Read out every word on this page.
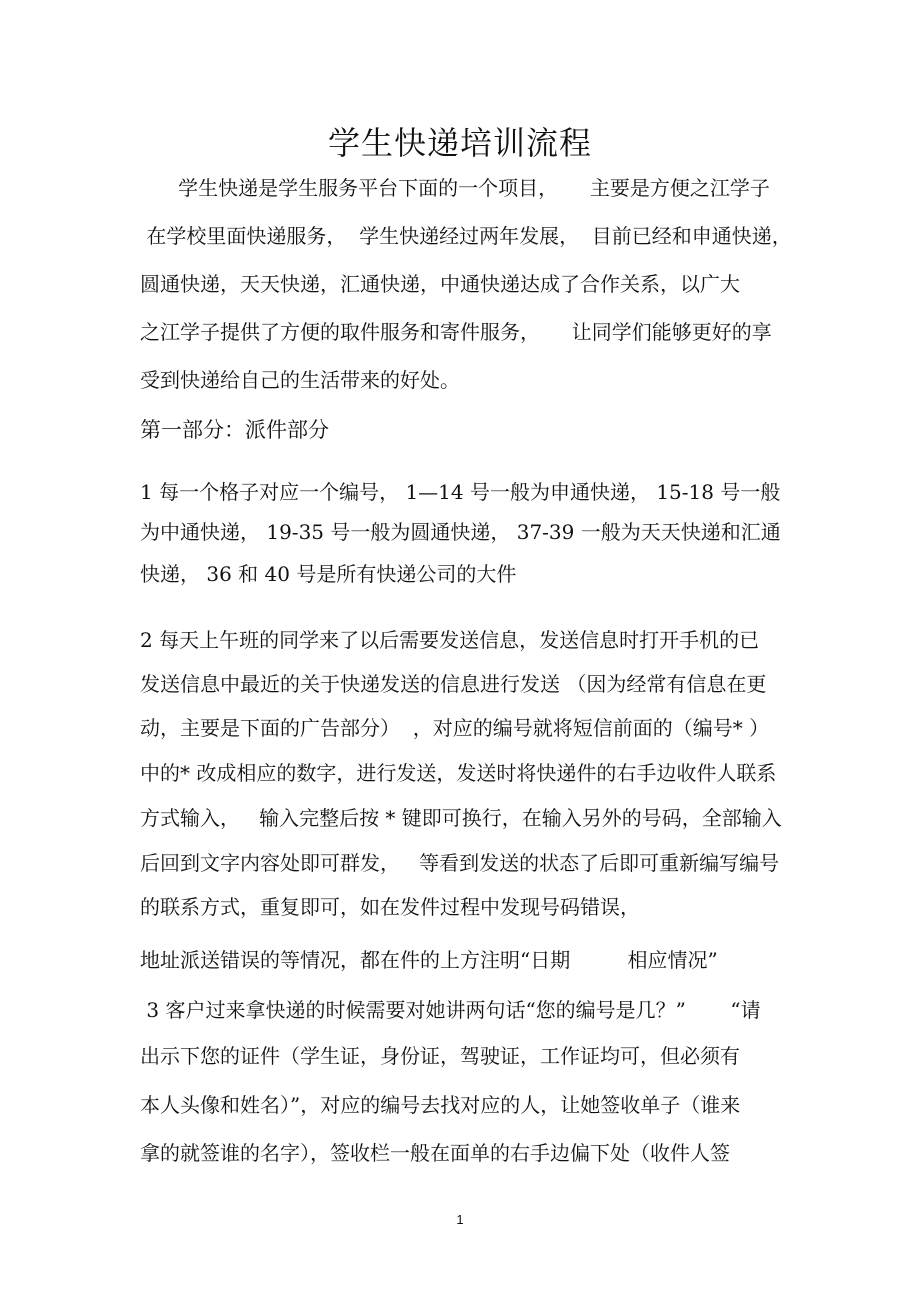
学生快递培训流程
学生快递是学生服务平台下面的一个项目，     主要是方便之江学子
在学校里面快递服务，  学生快递经过两年发展，  目前已经和申通快递，
圆通快递，天天快递，汇通快递，中通快递达成了合作关系，以广大
之江学子提供了方便的取件服务和寄件服务，     让同学们能够更好的享
受到快递给自己的生活带来的好处。
第一部分：派件部分
1 每一个格子对应一个编号， 1—14 号一般为申通快递， 15-18 号一般
为中通快递， 19-35 号一般为圆通快递， 37-39 一般为天天快递和汇通
快递， 36 和 40 号是所有快递公司的大件
2 每天上午班的同学来了以后需要发送信息，发送信息时打开手机的已
发送信息中最近的关于快递发送的信息进行发送 （因为经常有信息在更
动，主要是下面的广告部分）  ，对应的编号就将短信前面的（编号* ）
中的* 改成相应的数字，进行发送，发送时将快递件的右手边收件人联系
方式输入，   输入完整后按 * 键即可换行，在输入另外的号码，全部输入
后回到文字内容处即可群发，   等看到发送的状态了后即可重新编写编号
的联系方式，重复即可，如在发件过程中发现号码错误，
地址派送错误的等情况，都在件的上方注明“日期         相应情况”
3 客户过来拿快递的时候需要对她讲两句话“您的编号是几？”       “请
出示下您的证件（学生证，身份证，驾驶证，工作证均可，但必须有
本人头像和姓名）”，对应的编号去找对应的人，让她签收单子（谁来
拿的就签谁的名字），签收栏一般在面单的右手边偏下处（收件人签
1
